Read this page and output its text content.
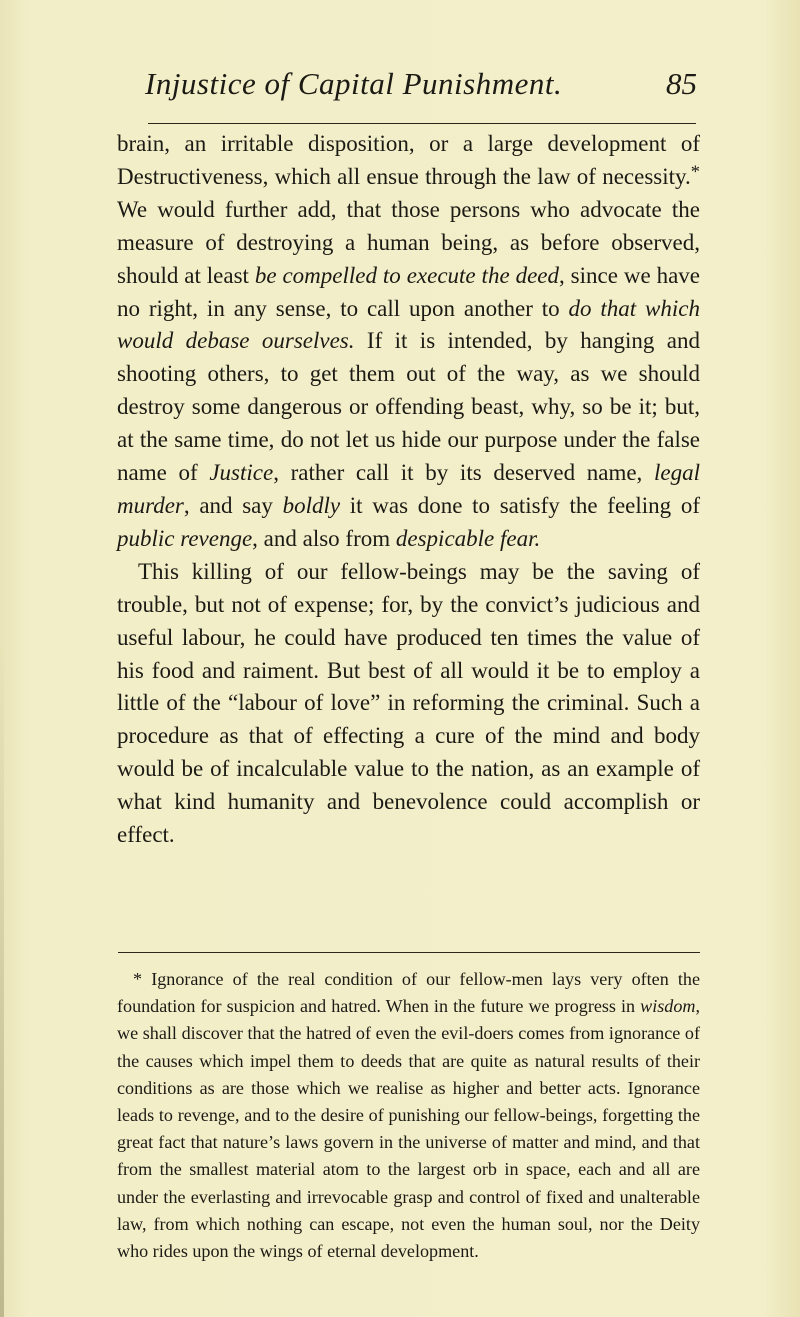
Injustice of Capital Punishment.	85

brain, an irritable disposition, or a large development of Destructiveness, which all ensue through the law of necessity.* We would further add, that those persons who advocate the measure of destroying a human being, as before observed, should at least be compelled to execute the deed, since we have no right, in any sense, to call upon another to do that which would debase ourselves. If it is intended, by hanging and shooting others, to get them out of the way, as we should destroy some dangerous or offending beast, why, so be it; but, at the same time, do not let us hide our purpose under the false name of Justice, rather call it by its deserved name, legal murder, and say boldly it was done to satisfy the feeling of public revenge, and also from despicable fear.

This killing of our fellow-beings may be the saving of trouble, but not of expense; for, by the convict’s judicious and useful labour, he could have produced ten times the value of his food and raiment. But best of all would it be to employ a little of the “labour of love” in reforming the criminal. Such a procedure as that of effecting a cure of the mind and body would be of incalculable value to the nation, as an example of what kind humanity and benevolence could accomplish or effect.

* Ignorance of the real condition of our fellow-men lays very often the foundation for suspicion and hatred. When in the future we progress in wisdom, we shall discover that the hatred of even the evil-doers comes from ignorance of the causes which impel them to deeds that are quite as natural results of their conditions as are those which we realise as higher and better acts. Ignorance leads to revenge, and to the desire of punishing our fellow-beings, forgetting the great fact that nature’s laws govern in the universe of matter and mind, and that from the smallest material atom to the largest orb in space, each and all are under the everlasting and irrevocable grasp and control of fixed and unalterable law, from which nothing can escape, not even the human soul, nor the Deity who rides upon the wings of eternal development.
